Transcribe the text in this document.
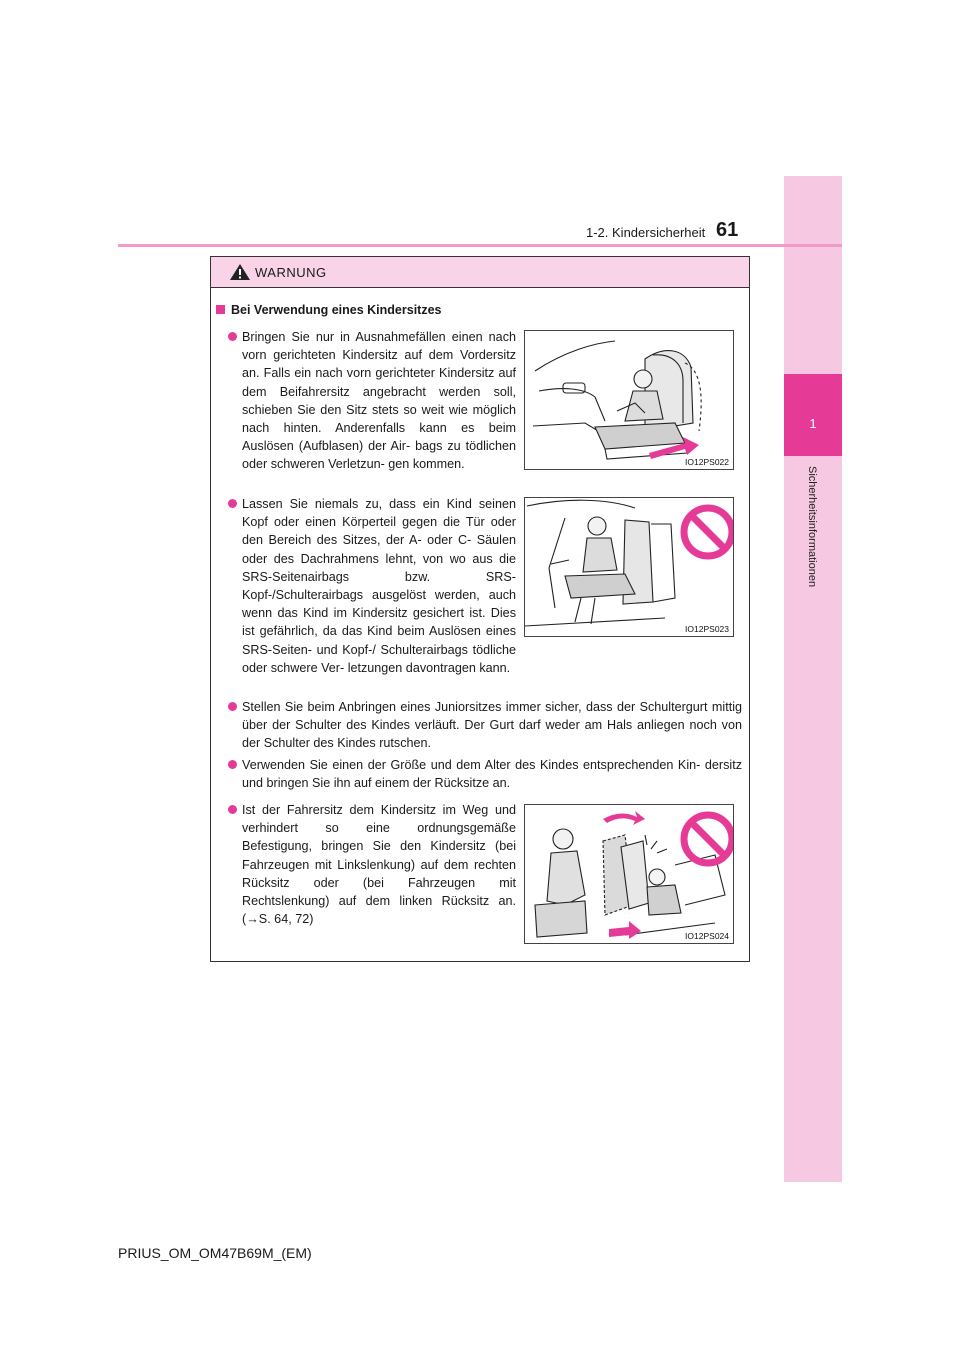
1
Sicherheitsinformationen
1-2. Kindersicherheit 61
WARNUNG
Bei Verwendung eines Kindersitzes

Bringen Sie nur in Ausnahmefällen einen nach vorn gerichteten Kindersitz auf dem Vordersitz an. Falls ein nach vorn gerichteter Kindersitz auf dem Beifahrersitz angebracht werden soll, schieben Sie den Sitz stets so weit wie möglich nach hinten. Anderenfalls kann es beim Auslösen (Aufblasen) der Air- bags zu tödlichen oder schweren Verletzun- gen kommen.

Lassen Sie niemals zu, dass ein Kind seinen Kopf oder einen Körperteil gegen die Tür oder den Bereich des Sitzes, der A- oder C- Säulen oder des Dachrahmens lehnt, von wo aus die SRS-Seitenairbags bzw. SRS- Kopf-/Schulterairbags ausgelöst werden, auch wenn das Kind im Kindersitz gesichert ist. Dies ist gefährlich, da das Kind beim Auslösen eines SRS-Seiten- und Kopf-/ Schulterairbags tödliche oder schwere Ver- letzungen davontragen kann.

Stellen Sie beim Anbringen eines Juniorsitzes immer sicher, dass der Schultergurt mittig über der Schulter des Kindes verläuft. Der Gurt darf weder am Hals anliegen noch von der Schulter des Kindes rutschen.

Verwenden Sie einen der Größe und dem Alter des Kindes entsprechenden Kin- dersitz und bringen Sie ihn auf einem der Rücksitze an.

Ist der Fahrersitz dem Kindersitz im Weg und verhindert so eine ordnungsgemäße Befestigung, bringen Sie den Kindersitz (bei Fahrzeugen mit Linkslenkung) auf dem rechten Rücksitz oder (bei Fahrzeugen mit Rechtslenkung) auf dem linken Rücksitz an. (→S. 64, 72)

IO12PS022
IO12PS023
IO12PS024
PRIUS_OM_OM47B69M_(EM)
